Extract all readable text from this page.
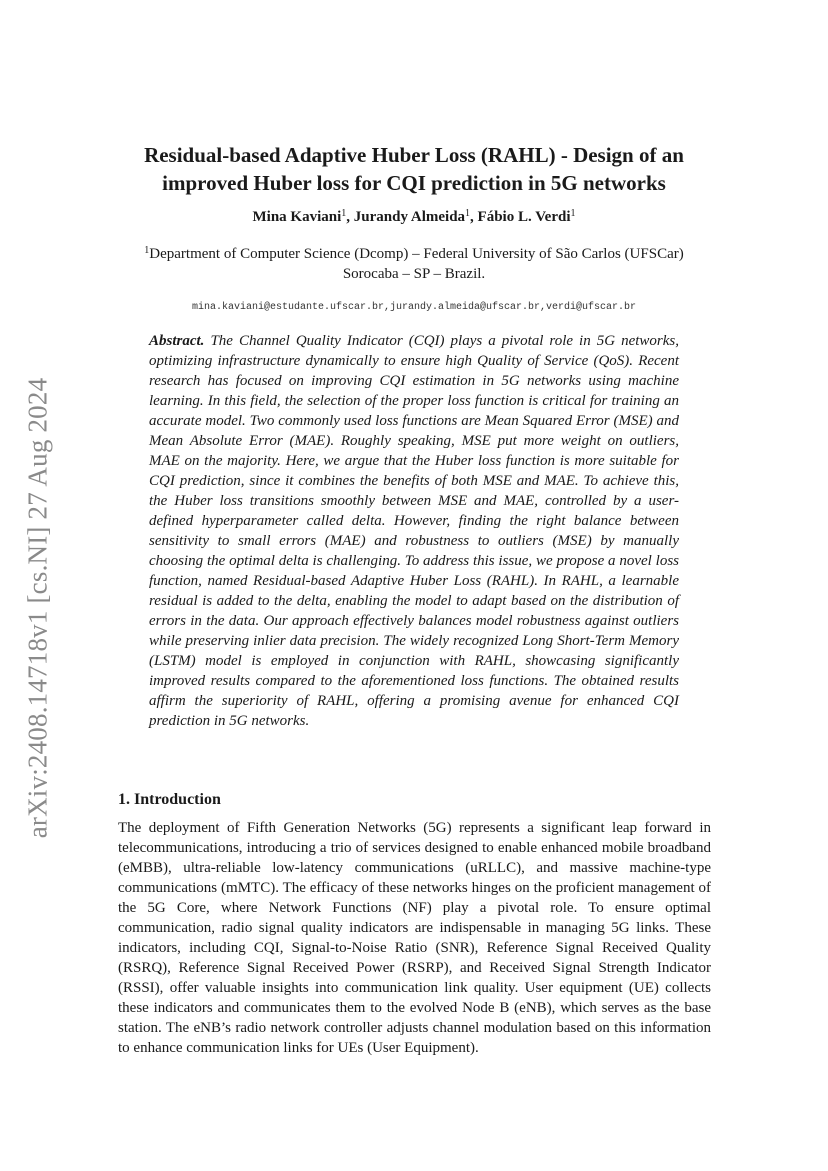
arXiv:2408.14718v1 [cs.NI] 27 Aug 2024
Residual-based Adaptive Huber Loss (RAHL) - Design of an improved Huber loss for CQI prediction in 5G networks
Mina Kaviani$^1$, Jurandy Almeida$^1$, Fábio L. Verdi$^1$
$^1$Department of Computer Science (Dcomp) – Federal University of São Carlos (UFSCar)
Sorocaba – SP – Brazil.
mina.kaviani@estudante.ufscar.br,jurandy.almeida@ufscar.br,verdi@ufscar.br
Abstract. The Channel Quality Indicator (CQI) plays a pivotal role in 5G networks, optimizing infrastructure dynamically to ensure high Quality of Service (QoS). Recent research has focused on improving CQI estimation in 5G networks using machine learning. In this field, the selection of the proper loss function is critical for training an accurate model. Two commonly used loss functions are Mean Squared Error (MSE) and Mean Absolute Error (MAE). Roughly speaking, MSE put more weight on outliers, MAE on the majority. Here, we argue that the Huber loss function is more suitable for CQI prediction, since it combines the benefits of both MSE and MAE. To achieve this, the Huber loss transitions smoothly between MSE and MAE, controlled by a user-defined hyperparameter called delta. However, finding the right balance between sensitivity to small errors (MAE) and robustness to outliers (MSE) by manually choosing the optimal delta is challenging. To address this issue, we propose a novel loss function, named Residual-based Adaptive Huber Loss (RAHL). In RAHL, a learnable residual is added to the delta, enabling the model to adapt based on the distribution of errors in the data. Our approach effectively balances model robustness against outliers while preserving inlier data precision. The widely recognized Long Short-Term Memory (LSTM) model is employed in conjunction with RAHL, showcasing significantly improved results compared to the aforementioned loss functions. The obtained results affirm the superiority of RAHL, offering a promising avenue for enhanced CQI prediction in 5G networks.
1. Introduction
The deployment of Fifth Generation Networks (5G) represents a significant leap forward in telecommunications, introducing a trio of services designed to enable enhanced mobile broadband (eMBB), ultra-reliable low-latency communications (uRLLC), and massive machine-type communications (mMTC). The efficacy of these networks hinges on the proficient management of the 5G Core, where Network Functions (NF) play a pivotal role. To ensure optimal communication, radio signal quality indicators are indispensable in managing 5G links. These indicators, including CQI, Signal-to-Noise Ratio (SNR), Reference Signal Received Quality (RSRQ), Reference Signal Received Power (RSRP), and Received Signal Strength Indicator (RSSI), offer valuable insights into communication link quality. User equipment (UE) collects these indicators and communicates them to the evolved Node B (eNB), which serves as the base station. The eNB’s radio network controller adjusts channel modulation based on this information to enhance communication links for UEs (User Equipment).
